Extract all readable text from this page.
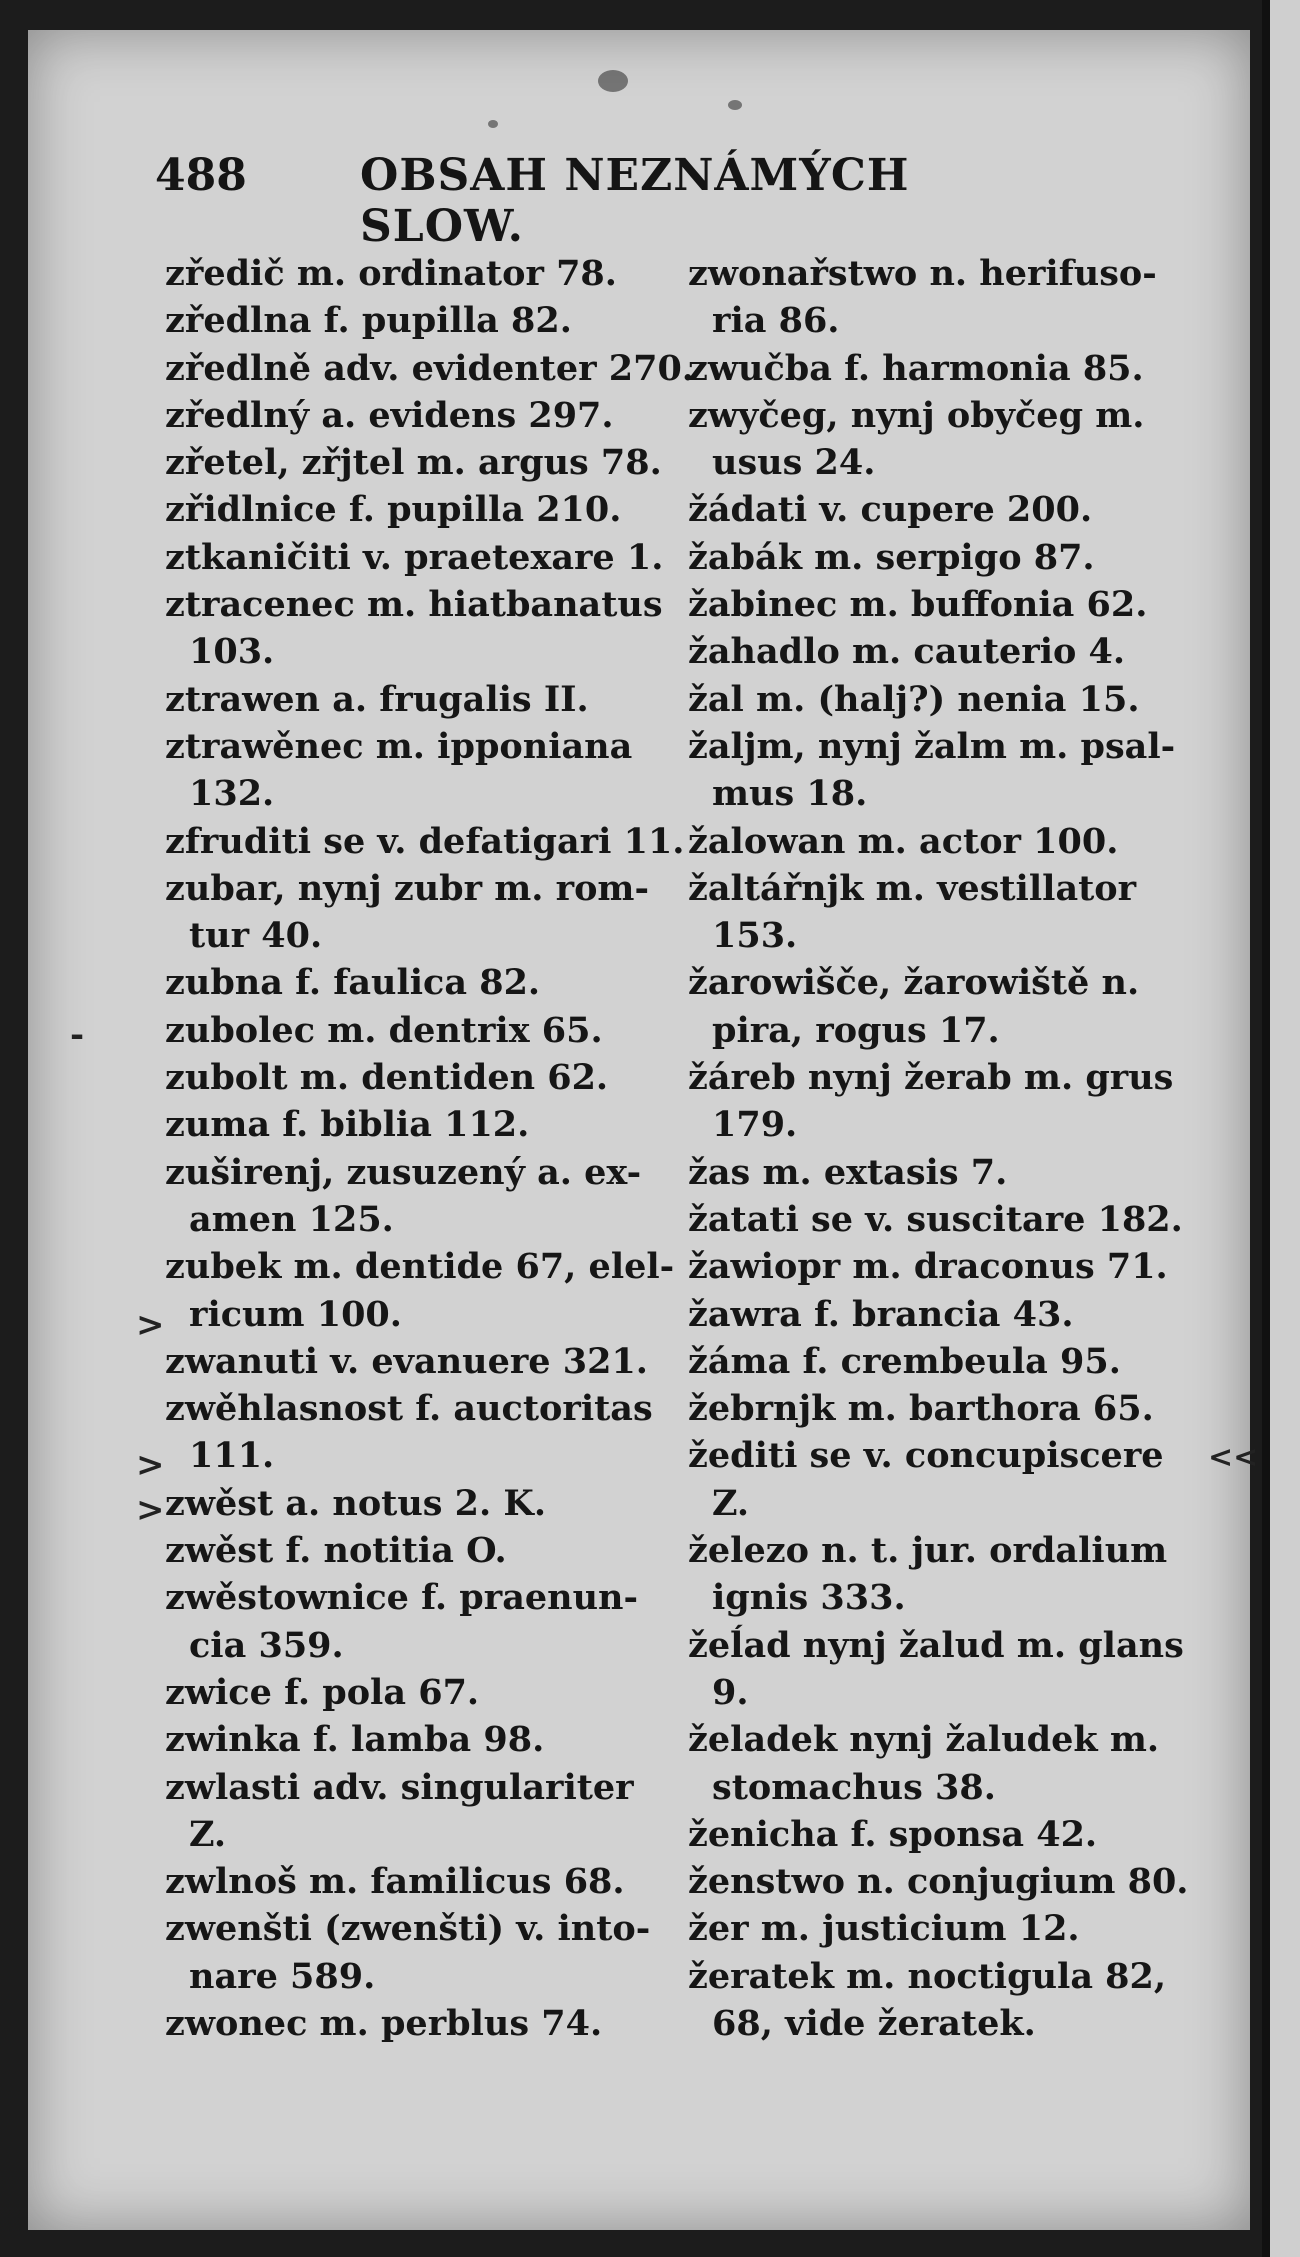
488	OBSAH NEZNÁMÝCH SLOW.
zředič m. ordinator 78.
zředlna f. pupilla 82.
zředlně adv. evidenter 270.
zředlný a. evidens 297.
zřetel, zřjtel m. argus 78.
zřidlnice f. pupilla 210.
ztkaničiti v. praetexare 1.
ztracenec m. hiatbanatus
103.
ztrawen a. frugalis II.
ztrawěnec m. ipponiana
132.
zfruditi se v. defatigari 11.
zubar, nynj zubr m. rom-
tur 40.
zubna f. faulica 82.
zubolec m. dentrix 65.
zubolt m. dentiden 62.
zuma f. biblia 112.
zuširenj, zusuzený a. ex-
amen 125.
zubek m. dentide 67, elel-
ricum 100.
zwanuti v. evanuere 321.
zwěhlasnost f. auctoritas
111.
zwěst a. notus 2. K.
zwěst f. notitia O.
zwěstownice f. praenun-
cia 359.
zwice f. pola 67.
zwinka f. lamba 98.
zwlasti adv. singulariter
Z.
zwlnoš m. familicus 68.
zwenšti (zwenšti) v. into-
nare 589.
zwonec m. perblus 74.
zwonařstwo n. herifuso-
ria 86.
zwučba f. harmonia 85.
zwyčeg, nynj obyčeg m.
usus 24.
žádati v. cupere 200.
žabák m. serpigo 87.
žabinec m. buffonia 62.
žahadlo m. cauterio 4.
žal m. (halj?) nenia 15.
žaljm, nynj žalm m. psal-
mus 18.
žalowan m. actor 100.
žaltářnjk m. vestillator
153.
žarowišče, žarowiště n.
pira, rogus 17.
žáreb nynj žerab m. grus
179.
žas m. extasis 7.
žatati se v. suscitare 182.
žawiopr m. draconus 71.
žawra f. brancia 43.
žáma f. crembeula 95.
žebrnjk m. barthora 65.
žediti se v. concupiscere
Z.
železo n. t. jur. ordalium
ignis 333.
žeĺad nynj žalud m. glans
9.
želadek nynj žaludek m.
stomachus 38.
ženicha f. sponsa 42.
ženstwo n. conjugium 80.
žer m. justicium 12.
žeratek m. noctigula 82,
68, vide žeratek.
-
>
>
>
<<
